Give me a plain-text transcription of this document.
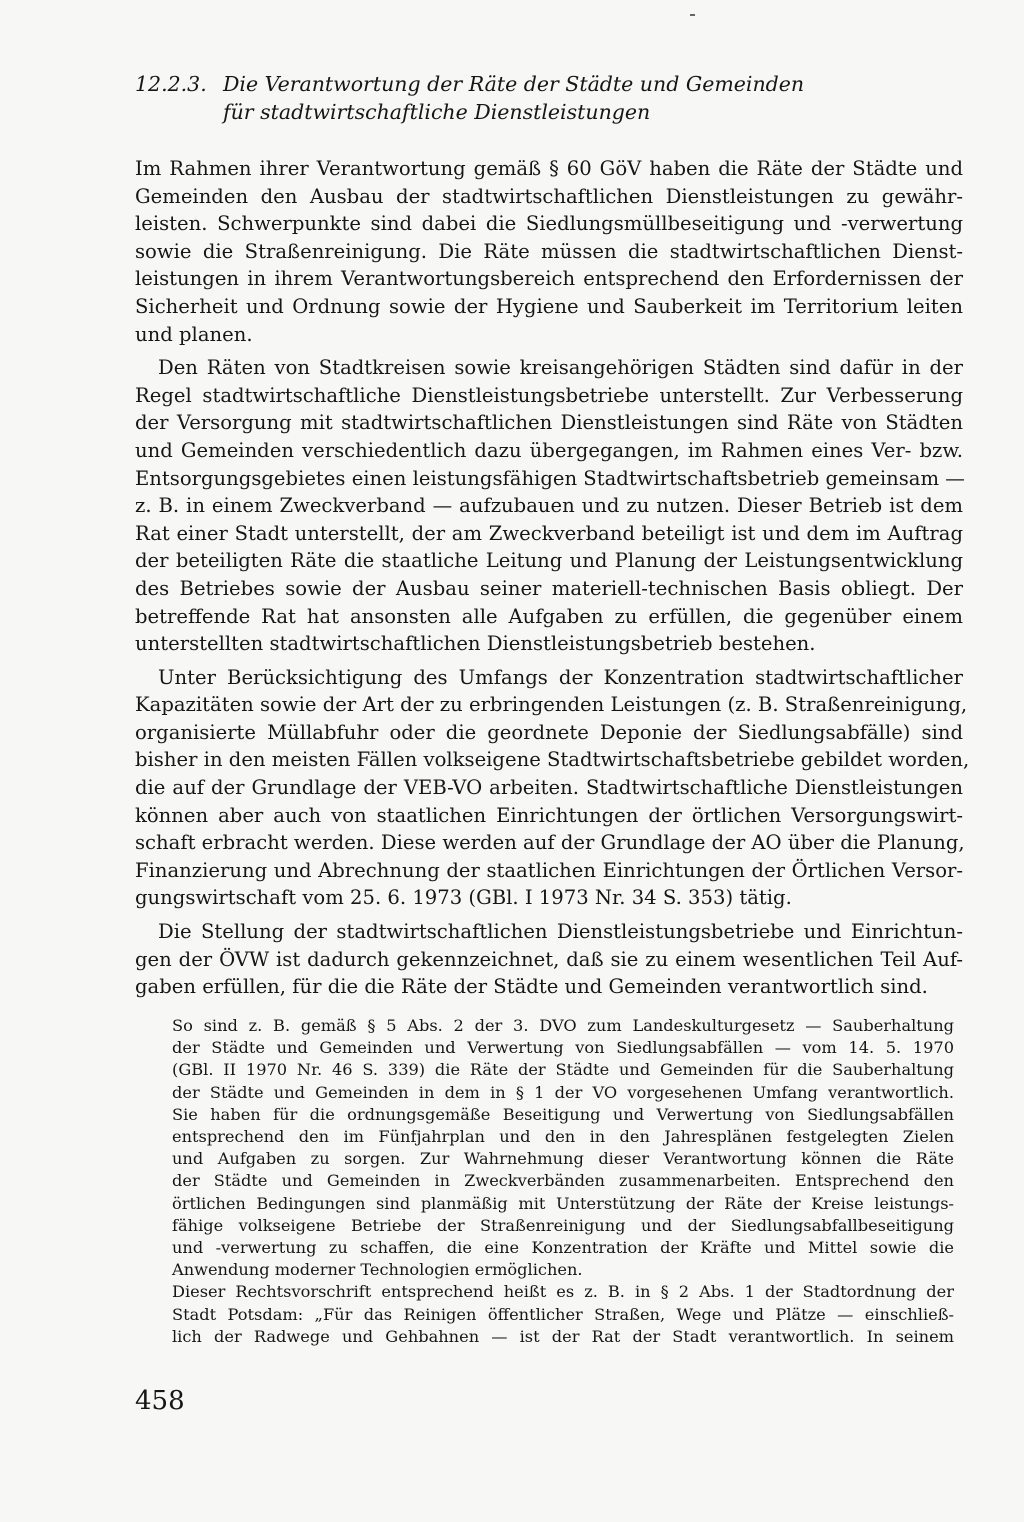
12.2.3. Die Verantwortung der Räte der Städte und Gemeinden
für stadtwirtschaftliche Dienstleistungen
Im Rahmen ihrer Verantwortung gemäß § 60 GöV haben die Räte der Städte und
Gemeinden den Ausbau der stadtwirtschaftlichen Dienstleistungen zu gewähr-
leisten. Schwerpunkte sind dabei die Siedlungsmüllbeseitigung und -verwertung
sowie die Straßenreinigung. Die Räte müssen die stadtwirtschaftlichen Dienst-
leistungen in ihrem Verantwortungsbereich entsprechend den Erfordernissen der
Sicherheit und Ordnung sowie der Hygiene und Sauberkeit im Territorium leiten
und planen.
Den Räten von Stadtkreisen sowie kreisangehörigen Städten sind dafür in der
Regel stadtwirtschaftliche Dienstleistungsbetriebe unterstellt. Zur Verbesserung
der Versorgung mit stadtwirtschaftlichen Dienstleistungen sind Räte von Städten
und Gemeinden verschiedentlich dazu übergegangen, im Rahmen eines Ver- bzw.
Entsorgungsgebietes einen leistungsfähigen Stadtwirtschaftsbetrieb gemeinsam —
z. B. in einem Zweckverband — aufzubauen und zu nutzen. Dieser Betrieb ist dem
Rat einer Stadt unterstellt, der am Zweckverband beteiligt ist und dem im Auftrag
der beteiligten Räte die staatliche Leitung und Planung der Leistungsentwicklung
des Betriebes sowie der Ausbau seiner materiell-technischen Basis obliegt. Der
betreffende Rat hat ansonsten alle Aufgaben zu erfüllen, die gegenüber einem
unterstellten stadtwirtschaftlichen Dienstleistungsbetrieb bestehen.
Unter Berücksichtigung des Umfangs der Konzentration stadtwirtschaftlicher
Kapazitäten sowie der Art der zu erbringenden Leistungen (z. B. Straßenreinigung,
organisierte Müllabfuhr oder die geordnete Deponie der Siedlungsabfälle) sind
bisher in den meisten Fällen volkseigene Stadtwirtschaftsbetriebe gebildet worden,
die auf der Grundlage der VEB-VO arbeiten. Stadtwirtschaftliche Dienstleistungen
können aber auch von staatlichen Einrichtungen der örtlichen Versorgungswirt-
schaft erbracht werden. Diese werden auf der Grundlage der AO über die Planung,
Finanzierung und Abrechnung der staatlichen Einrichtungen der Örtlichen Versor-
gungswirtschaft vom 25. 6. 1973 (GBl. I 1973 Nr. 34 S. 353) tätig.
Die Stellung der stadtwirtschaftlichen Dienstleistungsbetriebe und Einrichtun-
gen der ÖVW ist dadurch gekennzeichnet, daß sie zu einem wesentlichen Teil Auf-
gaben erfüllen, für die die Räte der Städte und Gemeinden verantwortlich sind.
So sind z. B. gemäß § 5 Abs. 2 der 3. DVO zum Landeskulturgesetz — Sauberhaltung
der Städte und Gemeinden und Verwertung von Siedlungsabfällen — vom 14. 5. 1970
(GBl. II 1970 Nr. 46 S. 339) die Räte der Städte und Gemeinden für die Sauberhaltung
der Städte und Gemeinden in dem in § 1 der VO vorgesehenen Umfang verantwortlich.
Sie haben für die ordnungsgemäße Beseitigung und Verwertung von Siedlungsabfällen
entsprechend den im Fünfjahrplan und den in den Jahresplänen festgelegten Zielen
und Aufgaben zu sorgen. Zur Wahrnehmung dieser Verantwortung können die Räte
der Städte und Gemeinden in Zweckverbänden zusammenarbeiten. Entsprechend den
örtlichen Bedingungen sind planmäßig mit Unterstützung der Räte der Kreise leistungs-
fähige volkseigene Betriebe der Straßenreinigung und der Siedlungsabfallbeseitigung
und -verwertung zu schaffen, die eine Konzentration der Kräfte und Mittel sowie die
Anwendung moderner Technologien ermöglichen.
Dieser Rechtsvorschrift entsprechend heißt es z. B. in § 2 Abs. 1 der Stadtordnung der
Stadt Potsdam: „Für das Reinigen öffentlicher Straßen, Wege und Plätze — einschließ-
lich der Radwege und Gehbahnen — ist der Rat der Stadt verantwortlich. In seinem
458
